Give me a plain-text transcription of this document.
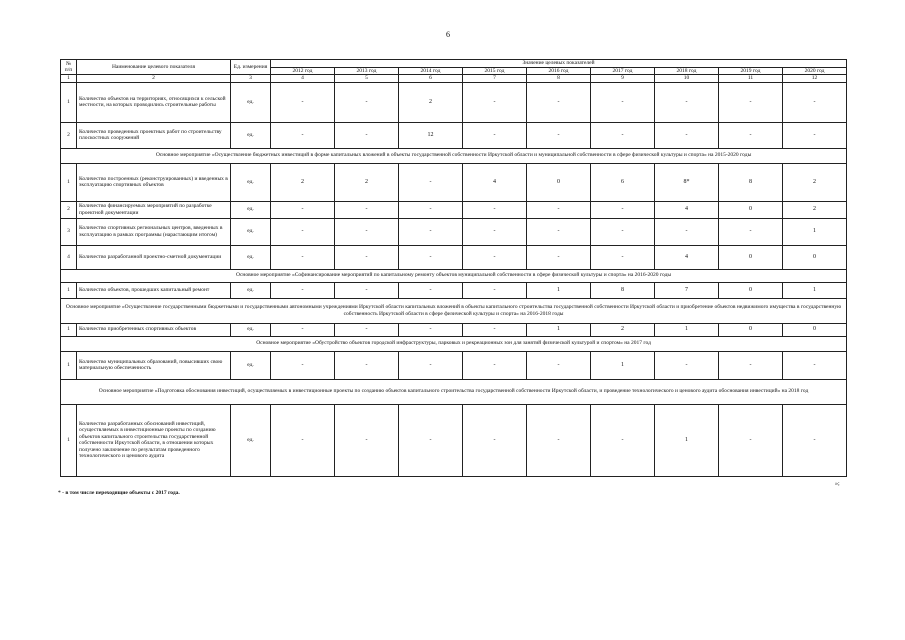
6
№
п/п	Наименование целевого показателя	Ед. измерения	Значение целевых показателей								
			2012 год	2013 год	2014 год	2015 год	2016 год	2017 год	2018 год	2019 год	2020 год
1	2	3	4	5	6	7	8	9	10	11	12
1	Количество объектов на территориях, относящихся к сельской местности, на которых проводились строительные работы	ед.	-	-	2	-	-	-	-	-	-
2	Количество проведенных проектных работ по строительству плоскостных сооружений	ед.	-	-	12	-	-	-	-	-	-
Основное мероприятие «Осуществление бюджетных инвестиций в форме капитальных вложений в объекты государственной собственности Иркутской области и муниципальной собственности в сфере физической культуры и спорта» на 2015-2020 годы											
1	Количество построенных (реконструированных) и введенных в эксплуатацию спортивных объектов	ед.	2	2	-	4	0	6	8*	8	2
2	Количество финансируемых мероприятий по разработке проектной документации	ед.	-	-	-	-	-	-	4	0	2
3	Количество спортивных региональных центров, введенных в эксплуатацию в рамках программы (нарастающим итогом)	ед.	-	-	-	-	-	-	-	-	1
4	Количество разработанной проектно-сметной документации	ед.	-	-	-	-	-	-	4	0	0
Основное мероприятие «Софинансирование мероприятий по капитальному ремонту объектов муниципальной собственности в сфере физической культуры и спорта» на 2016-2020 годы											
1	Количество объектов, прошедших капитальный ремонт	ед.	-	-	-	-	1	8	7	0	1
Основное мероприятие «Осуществление государственными бюджетными и государственными автономными учреждениями Иркутской области капитальных вложений в объекты капитального строительства государственной собственности Иркутской области и приобретение объектов недвижимого имущества в государственную собственность Иркутской области в сфере физической культуры и спорта» на 2016-2018 годы											
1	Количество приобретенных спортивных объектов	ед.	-	-	-	-	1	2	1	0	0
Основное мероприятие «Обустройство объектов городской инфраструктуры, парковых и рекреационных зон для занятий физической культурой и спортом» на 2017 год											
1	Количество муниципальных образований, повысивших свою материальную обеспеченность	ед.	-	-	-	-	-	1	-	-	-
Основное мероприятие «Подготовка обоснования инвестиций, осуществляемых в инвестиционные проекты по созданию объектов капитального строительства государственной собственности Иркутской области, и проведение технологического и ценового аудита обоснования инвестиций» на 2018 год											
1	Количество разработанных обоснований инвестиций, осуществляемых в инвестиционные проекты по созданию объектов капитального строительства государственной собственности Иркутской области, в отношении которых получено заключение по результатам проведенного технологического и ценового аудита	ед.	-	-	-	-	-	-	1	-	-
* - в том числе переходящие объекты с 2017 года.
»;
